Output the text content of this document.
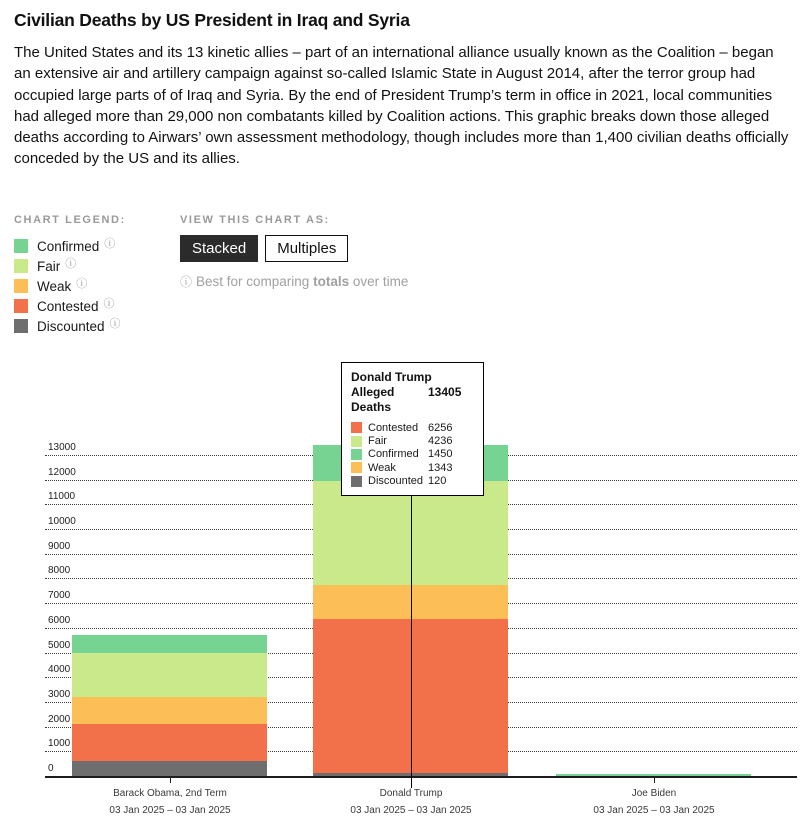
Civilian Deaths by US President in Iraq and Syria
The United States and its 13 kinetic allies – part of an international alliance usually known as the Coalition – began an extensive air and artillery campaign against so-called Islamic State in August 2014, after the terror group had occupied large parts of of Iraq and Syria. By the end of President Trump’s term in office in 2021, local communities had alleged more than 29,000 non combatants killed by Coalition actions. This graphic breaks down those alleged deaths according to Airwars’ own assessment methodology, though includes more than 1,400 civilian deaths officially conceded by the US and its allies.
CHART LEGEND:
Confirmed ⓘ
Fair ⓘ
Weak ⓘ
Contested ⓘ
Discounted ⓘ
VIEW THIS CHART AS:
Stacked	Multiples
ⓘ Best for comparing totals over time
Donald Trump
Alleged Deaths
13405
Contested 6256
Fair	4236
Confirmed 1450
Weak	1343
Discounted 120
0
1000
2000
3000
4000
5000
6000
7000
8000
9000
10000
11000
12000
13000
Barack Obama, 2nd Term
03 Jan 2025 – 03 Jan 2025
Donald Trump
03 Jan 2025 – 03 Jan 2025
Joe Biden
03 Jan 2025 – 03 Jan 2025
